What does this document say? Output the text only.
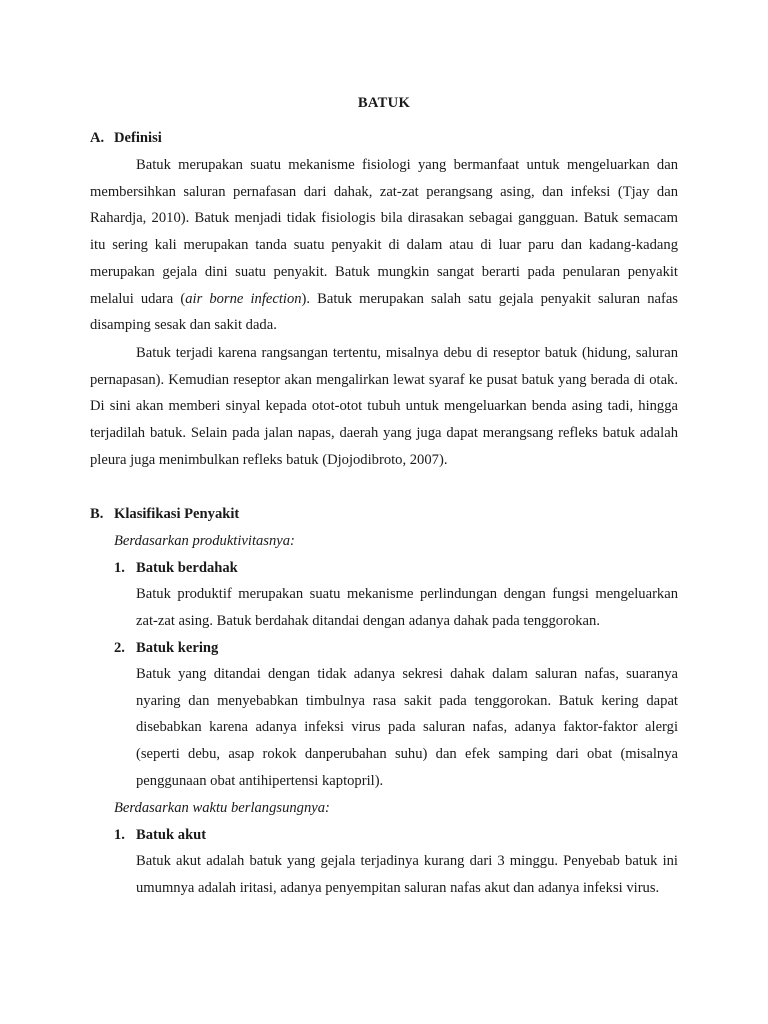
BATUK
A. Definisi

Batuk merupakan suatu mekanisme fisiologi yang bermanfaat untuk mengeluarkan dan membersihkan saluran pernafasan dari dahak, zat-zat perangsang asing, dan infeksi (Tjay dan Rahardja, 2010). Batuk menjadi tidak fisiologis bila dirasakan sebagai gangguan. Batuk semacam itu sering kali merupakan tanda suatu penyakit di dalam atau di luar paru dan kadang-kadang merupakan gejala dini suatu penyakit. Batuk mungkin sangat berarti pada penularan penyakit melalui udara (air borne infection). Batuk merupakan salah satu gejala penyakit saluran nafas disamping sesak dan sakit dada.

Batuk terjadi karena rangsangan tertentu, misalnya debu di reseptor batuk (hidung, saluran pernapasan). Kemudian reseptor akan mengalirkan lewat syaraf ke pusat batuk yang berada di otak. Di sini akan memberi sinyal kepada otot-otot tubuh untuk mengeluarkan benda asing tadi, hingga terjadilah batuk. Selain pada jalan napas, daerah yang juga dapat merangsang refleks batuk adalah pleura juga menimbulkan refleks batuk (Djojodibroto, 2007).

B. Klasifikasi Penyakit
Berdasarkan produktivitasnya:
1. Batuk berdahak

Batuk produktif merupakan suatu mekanisme perlindungan dengan fungsi mengeluarkan zat-zat asing. Batuk berdahak ditandai dengan adanya dahak pada tenggorokan.

2. Batuk kering

Batuk yang ditandai dengan tidak adanya sekresi dahak dalam saluran nafas, suaranya nyaring dan menyebabkan timbulnya rasa sakit pada tenggorokan. Batuk kering dapat disebabkan karena adanya infeksi virus pada saluran nafas, adanya faktor-faktor alergi (seperti debu, asap rokok danperubahan suhu) dan efek samping dari obat (misalnya penggunaan obat antihipertensi kaptopril).

Berdasarkan waktu berlangsungnya:
1. Batuk akut

Batuk akut adalah batuk yang gejala terjadinya kurang dari 3 minggu. Penyebab batuk ini umumnya adalah iritasi, adanya penyempitan saluran nafas akut dan adanya infeksi virus.
